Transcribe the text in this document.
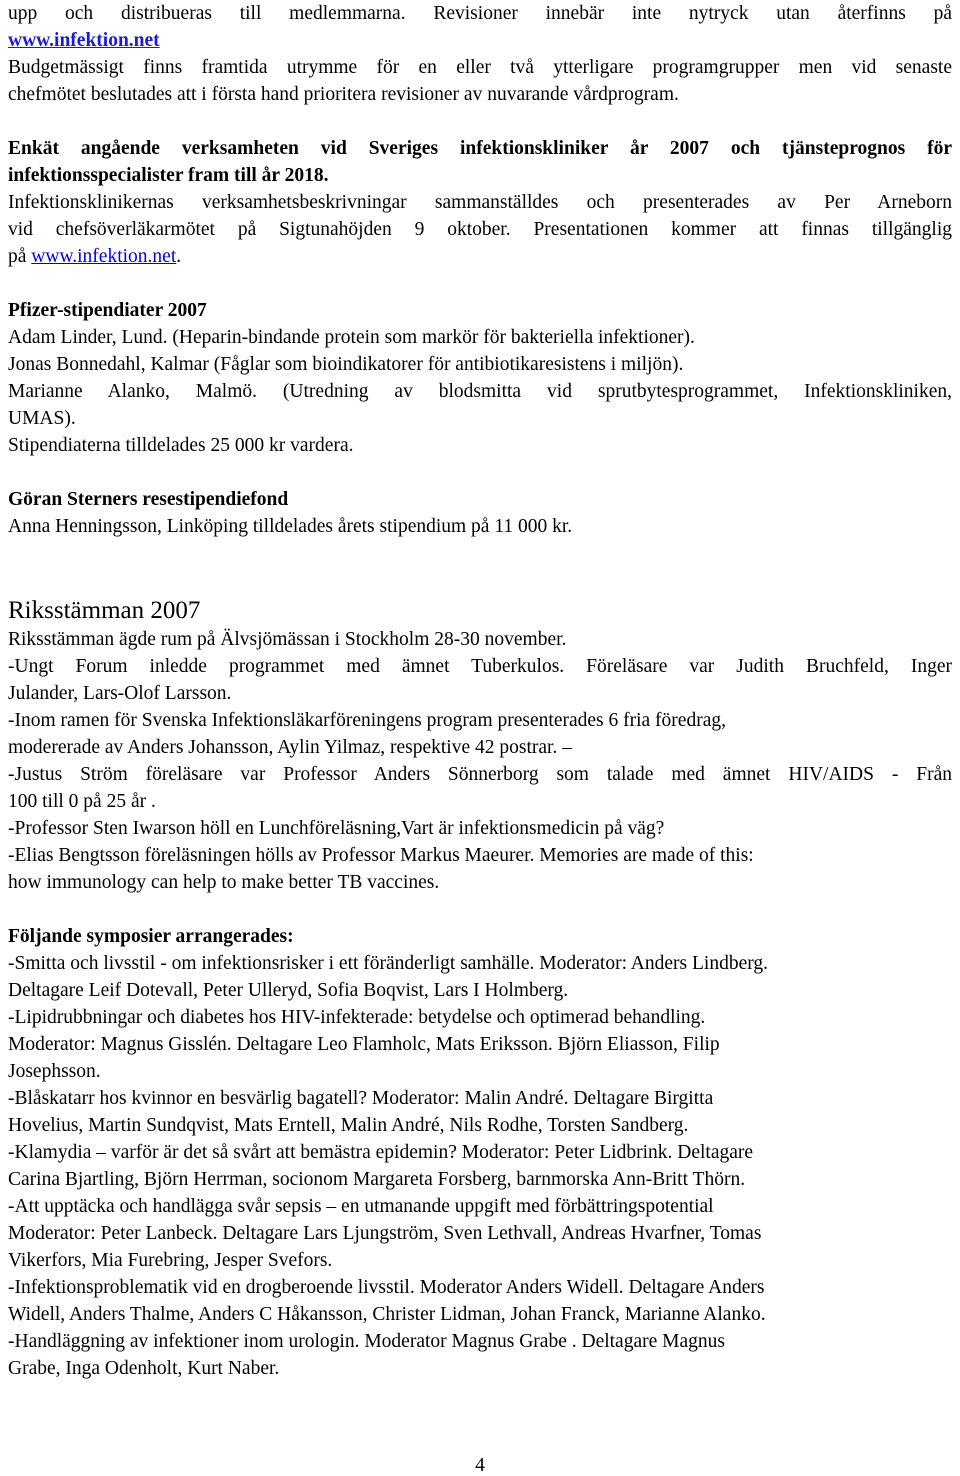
upp och distribueras till medlemmarna. Revisioner innebär inte nytryck utan återfinns på
www.infektion.net
Budgetmässigt finns framtida utrymme för en eller två ytterligare programgrupper men vid senaste
chefmötet beslutades att i första hand prioritera revisioner av nuvarande vårdprogram.
Enkät angående verksamheten vid Sveriges infektionskliniker år 2007 och tjänsteprognos för
infektionsspecialister fram till år 2018.
Infektionsklinikernas verksamhetsbeskrivningar sammanställdes och presenterades av Per Arneborn
vid chefsöverläkarmötet på Sigtunahöjden 9 oktober. Presentationen kommer att finnas tillgänglig
på www.infektion.net.
Pfizer-stipendiater 2007
Adam Linder, Lund. (Heparin-bindande protein som markör för bakteriella infektioner).
Jonas Bonnedahl, Kalmar (Fåglar som bioindikatorer för antibiotikaresistens i miljön).
Marianne Alanko, Malmö. (Utredning av blodsmitta vid sprutbytesprogrammet, Infektionskliniken,
UMAS).
Stipendiaterna tilldelades 25 000 kr vardera.
Göran Sterners resestipendiefond
Anna Henningsson, Linköping tilldelades årets stipendium på 11 000 kr.
Riksstämman 2007
Riksstämman ägde rum på Älvsjömässan i Stockholm 28-30 november.
-Ungt Forum inledde programmet med ämnet Tuberkulos. Föreläsare var Judith Bruchfeld, Inger
Julander, Lars-Olof Larsson.
-Inom ramen för Svenska Infektionsläkarföreningens program presenterades 6 fria föredrag,
modererade av Anders Johansson, Aylin Yilmaz, respektive 42 postrar. –
-Justus Ström föreläsare var Professor Anders Sönnerborg som talade med ämnet HIV/AIDS - Från
100 till 0 på 25 år .
-Professor Sten Iwarson höll en Lunchföreläsning,Vart är infektionsmedicin på väg?
-Elias Bengtsson föreläsningen hölls av Professor Markus Maeurer. Memories are made of this:
how immunology can help to make better TB vaccines.
Följande symposier arrangerades:
-Smitta och livsstil - om infektionsrisker i ett föränderligt samhälle. Moderator: Anders Lindberg.
Deltagare Leif Dotevall, Peter Ulleryd, Sofia Boqvist, Lars I Holmberg.
-Lipidrubbningar och diabetes hos HIV-infekterade: betydelse och optimerad behandling.
Moderator: Magnus Gisslén. Deltagare Leo Flamholc, Mats Eriksson. Björn Eliasson, Filip
Josephsson.
-Blåskatarr hos kvinnor en besvärlig bagatell? Moderator: Malin André. Deltagare Birgitta
Hovelius, Martin Sundqvist, Mats Erntell, Malin André, Nils Rodhe, Torsten Sandberg.
-Klamydia – varför är det så svårt att bemästra epidemin? Moderator: Peter Lidbrink. Deltagare
Carina Bjartling, Björn Herrman, socionom Margareta Forsberg, barnmorska Ann-Britt Thörn.
-Att upptäcka och handlägga svår sepsis – en utmanande uppgift med förbättringspotential
Moderator: Peter Lanbeck. Deltagare Lars Ljungström, Sven Lethvall, Andreas Hvarfner, Tomas
Vikerfors, Mia Furebring, Jesper Svefors.
-Infektionsproblematik vid en drogberoende livsstil. Moderator Anders Widell. Deltagare Anders
Widell, Anders Thalme, Anders C Håkansson, Christer Lidman, Johan Franck, Marianne Alanko.
-Handläggning av infektioner inom urologin. Moderator Magnus Grabe . Deltagare Magnus
Grabe, Inga Odenholt, Kurt Naber.
4
